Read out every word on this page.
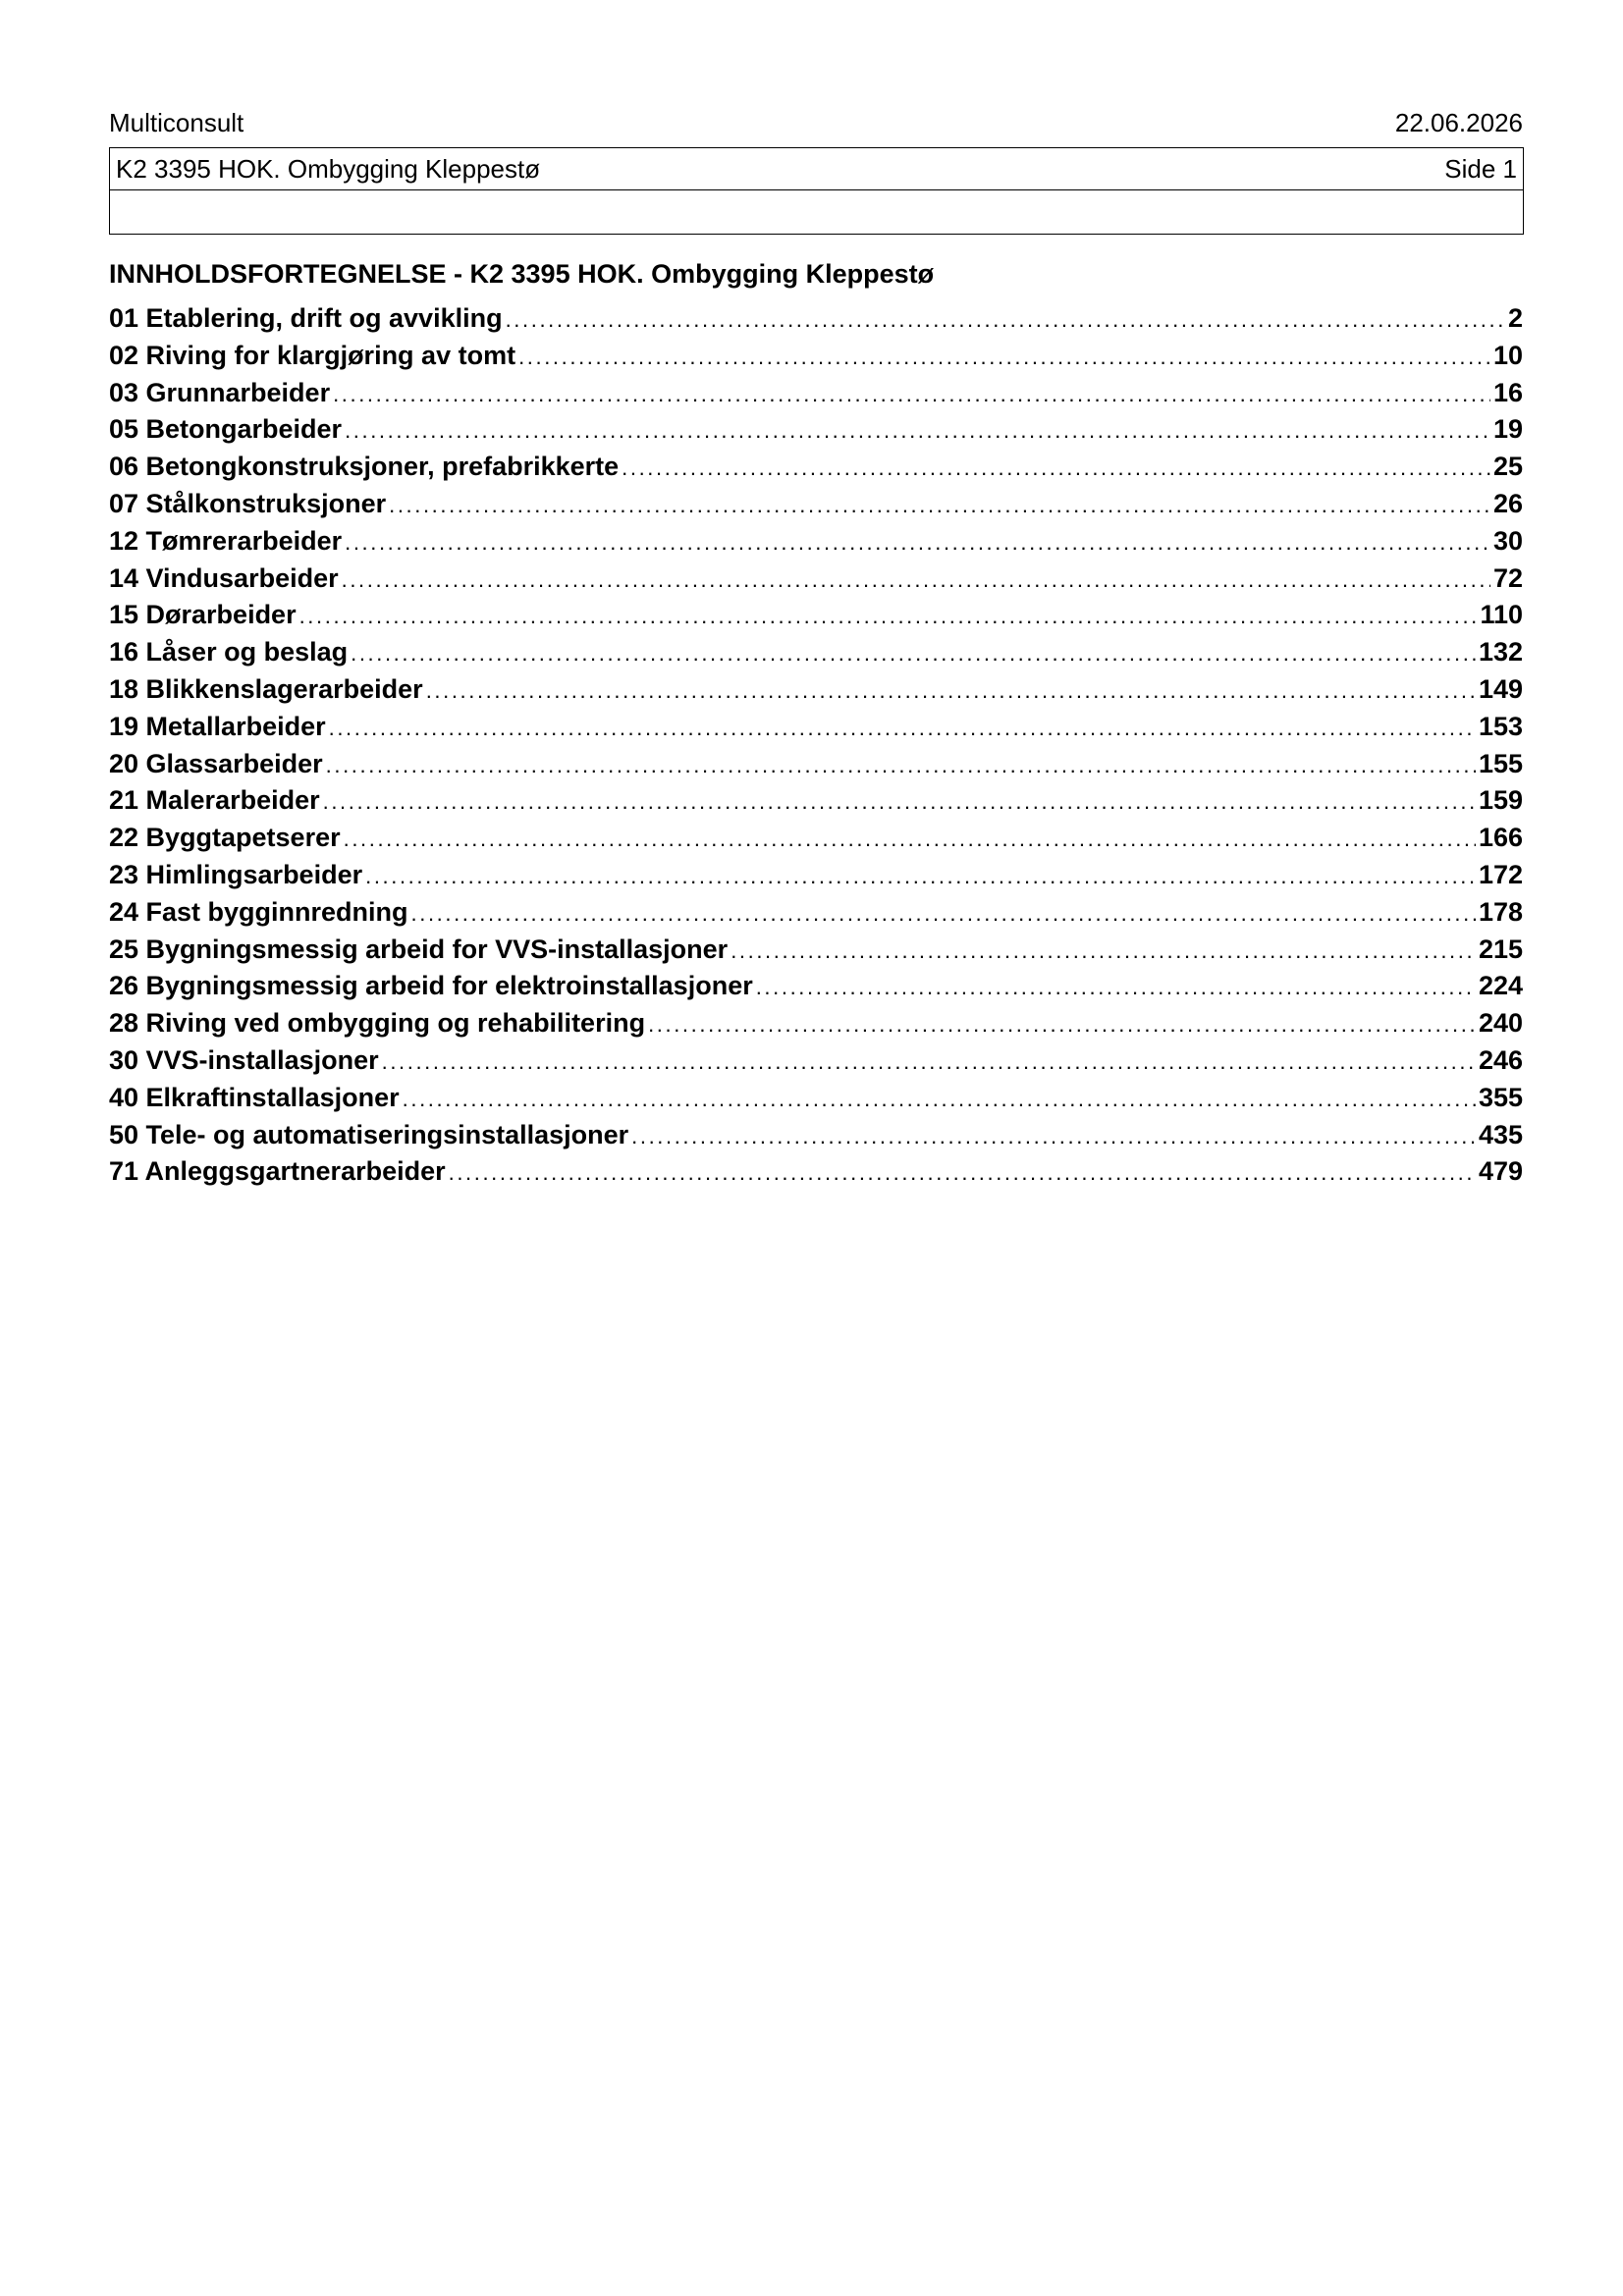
Multiconsult	22.06.2026
K2 3395 HOK. Ombygging Kleppestø	Side 1
INNHOLDSFORTEGNELSE - K2 3395 HOK. Ombygging Kleppestø
01 Etablering, drift og avvikling .....	2
02 Riving for klargjøring av tomt .....	10
03 Grunnarbeider .....	16
05 Betongarbeider .....	19
06 Betongkonstruksjoner, prefabrikkerte .....	25
07 Stålkonstruksjoner .....	26
12 Tømrerarbeider .....	30
14 Vindusarbeider .....	72
15 Dørarbeider .....	110
16 Låser og beslag .....	132
18 Blikkenslagerarbeider .....	149
19 Metallarbeider .....	153
20 Glassarbeider .....	155
21 Malerarbeider .....	159
22 Byggtapetserer .....	166
23 Himlingsarbeider .....	172
24 Fast bygginnredning .....	178
25 Bygningsmessig arbeid for VVS-installasjoner .....	215
26 Bygningsmessig arbeid for elektroinstallasjoner .....	224
28 Riving ved ombygging og rehabilitering .....	240
30 VVS-installasjoner .....	246
40 Elkraftinstallasjoner .....	355
50 Tele- og automatiseringsinstallasjoner .....	435
71 Anleggsgartnerarbeider .....	479
